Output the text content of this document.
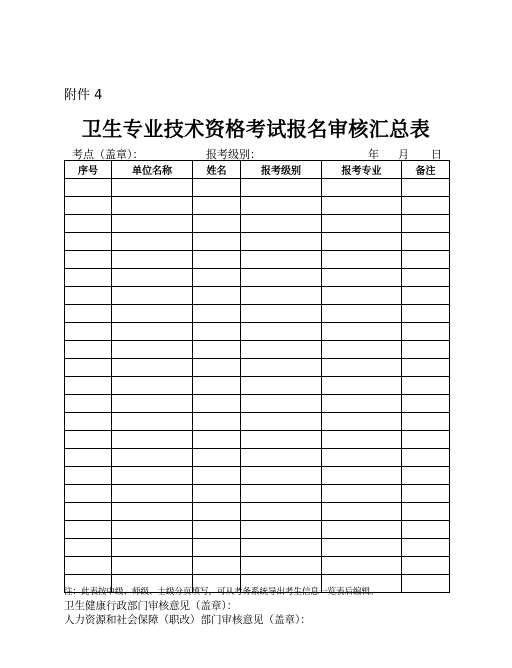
附件 4
卫生专业技术资格考试报名审核汇总表
考点（盖章）：	报考级别：	年 月 日
序号	单位名称	姓名	报考级别	报考专业	备注

注：此表按中级、师级、士级分页填写，可从考务系统导出考生信息一览表后编辑。
卫生健康行政部门审核意见（盖章）：
人力资源和社会保障（职改）部门审核意见（盖章）：
